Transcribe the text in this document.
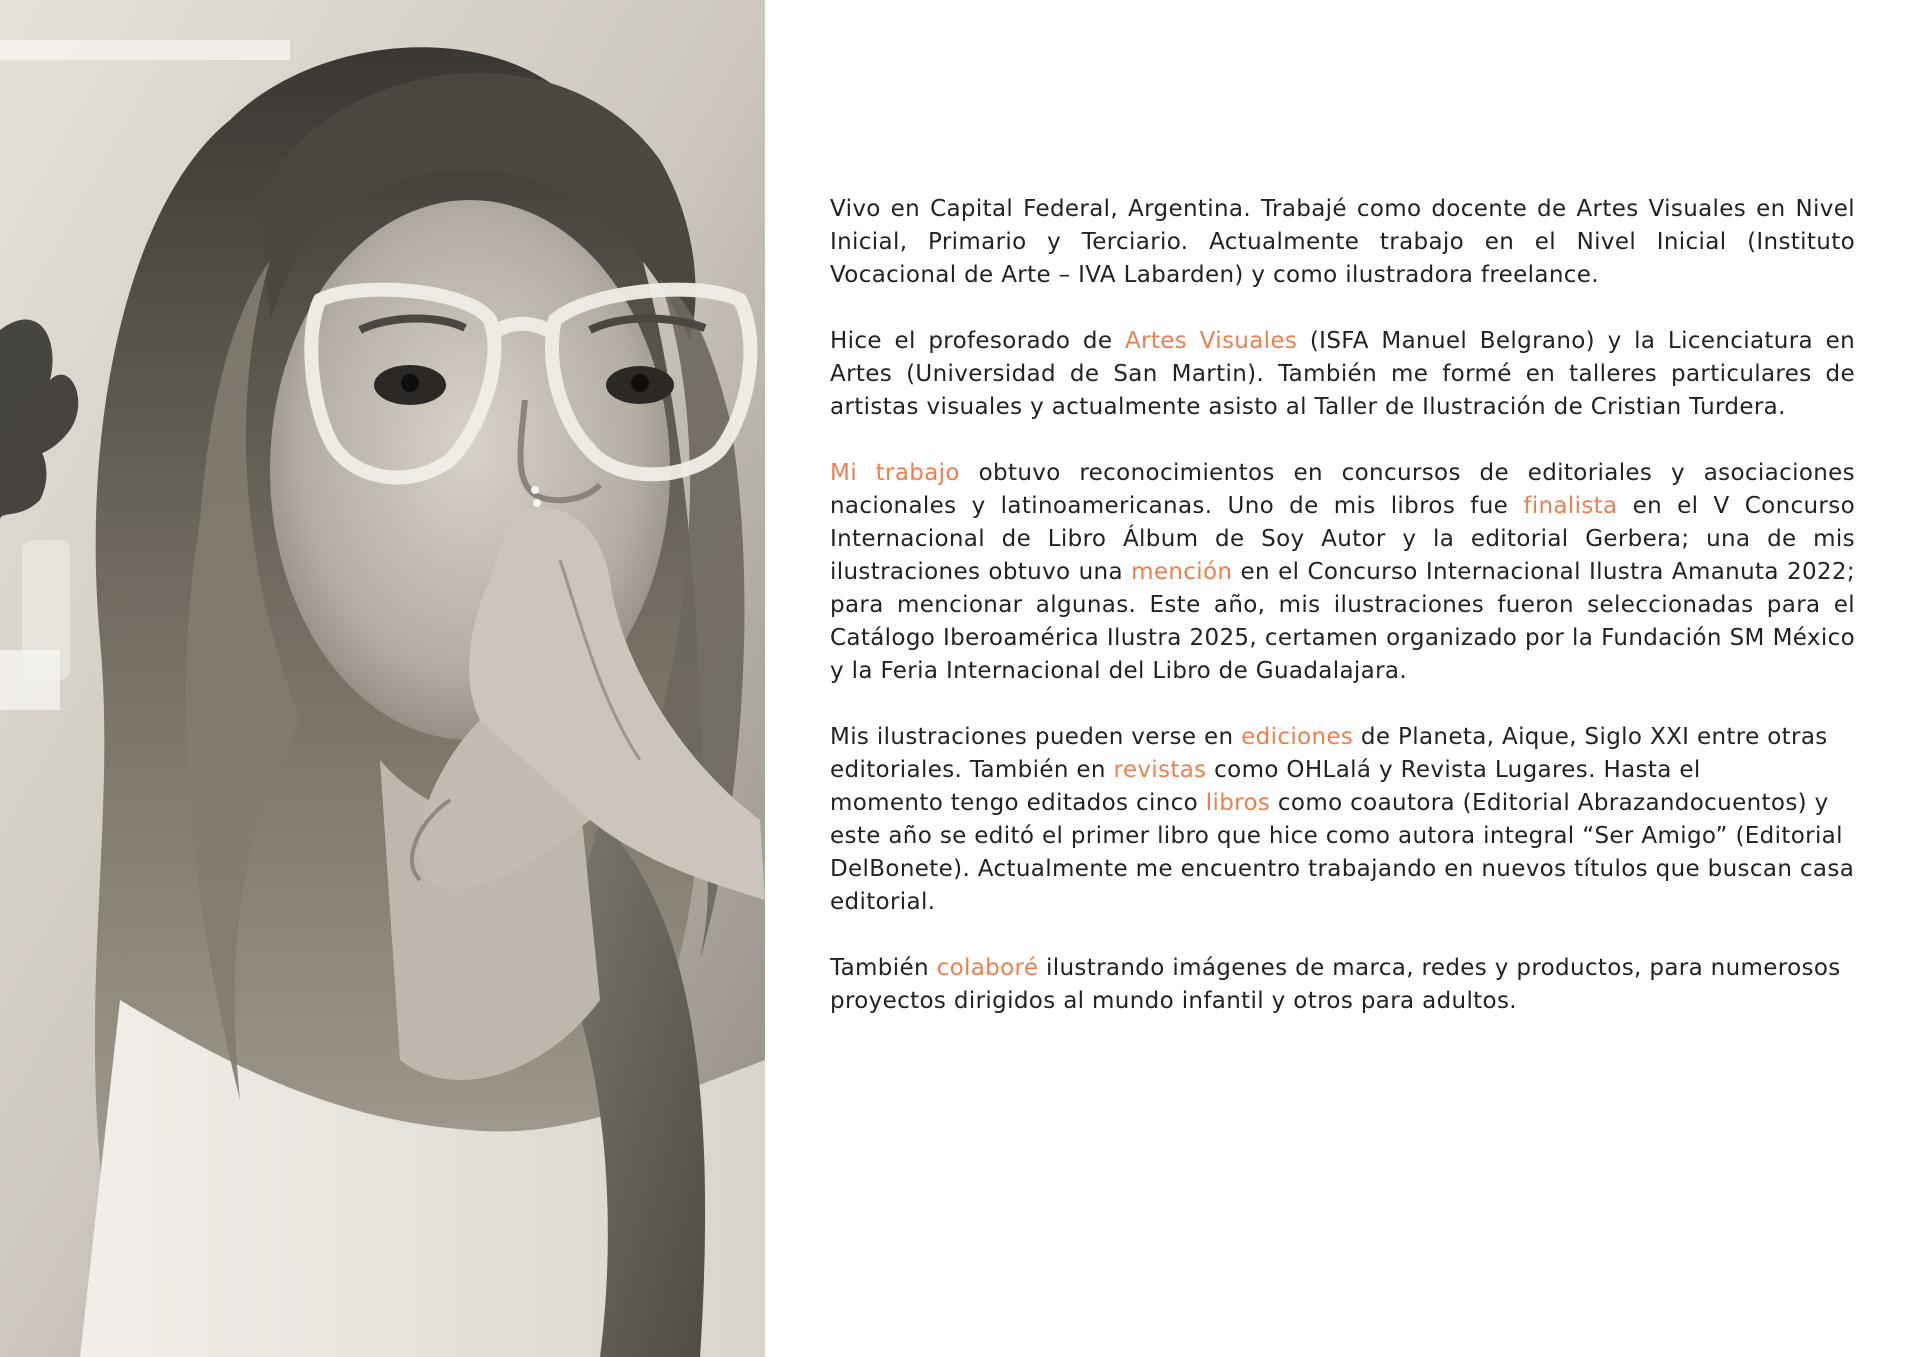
Vivo en Capital Federal, Argentina. Trabajé como docente de Artes Visuales en Nivel Inicial, Primario y Terciario. Actualmente trabajo en el Nivel Inicial (Instituto Vocacional de Arte – IVA Labarden) y como ilustradora freelance.

Hice el profesorado de Artes Visuales (ISFA Manuel Belgrano) y la Licenciatura en Artes (Universidad de San Martin). También me formé en talleres particulares de artistas visuales y actualmente asisto al Taller de Ilustración de Cristian Turdera.

Mi trabajo obtuvo reconocimientos en concursos de editoriales y asociaciones nacionales y latinoamericanas. Uno de mis libros fue finalista en el V Concurso Internacional de Libro Álbum de Soy Autor y la editorial Gerbera; una de mis ilustraciones obtuvo una mención en el Concurso Internacional Ilustra Amanuta 2022; para mencionar algunas. Este año, mis ilustraciones fueron seleccionadas para el Catálogo Iberoamérica Ilustra 2025, certamen organizado por la Fundación SM México y la Feria Internacional del Libro de Guadalajara.

Mis ilustraciones pueden verse en ediciones de Planeta, Aique, Siglo XXI entre otras editoriales. También en revistas como OHLalá y Revista Lugares. Hasta el
momento tengo editados cinco libros como coautora (Editorial Abrazandocuentos) y este año se editó el primer libro que hice como autora integral “Ser Amigo” (Editorial DelBonete). Actualmente me encuentro trabajando en nuevos títulos que buscan casa editorial.

También colaboré ilustrando imágenes de marca, redes y productos, para numerosos proyectos dirigidos al mundo infantil y otros para adultos.
